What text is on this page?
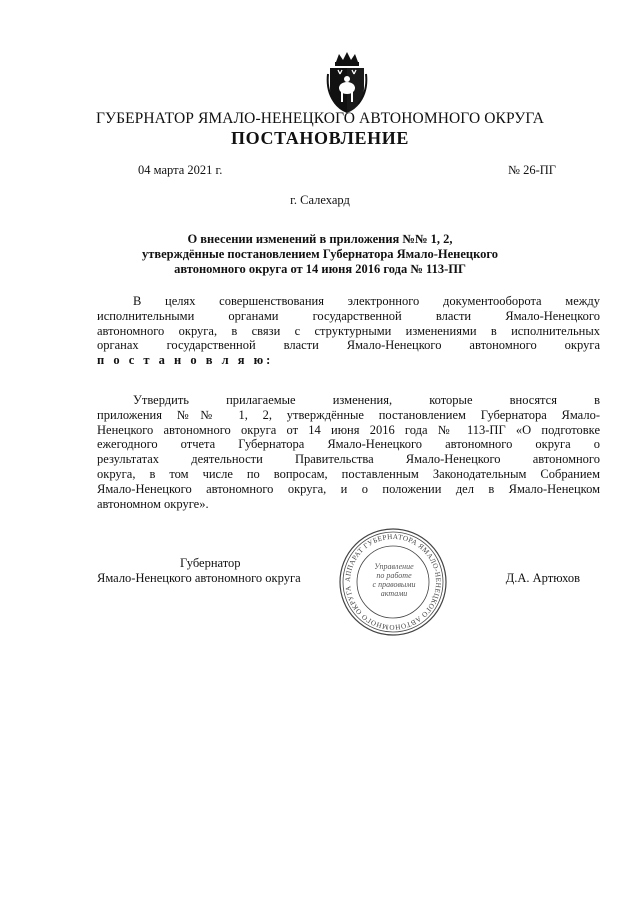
ГУБЕРНАТОР ЯМАЛО-НЕНЕЦКОГО АВТОНОМНОГО ОКРУГА
ПОСТАНОВЛЕНИЕ
04 марта 2021 г.	№ 26-ПГ
г. Салехард
О внесении изменений в приложения №№ 1, 2,
утверждённые постановлением Губернатора Ямало-Ненецкого
автономного округа от 14 июня 2016 года № 113-ПГ
В целях совершенствования электронного документооборота между
исполнительными органами государственной власти Ямало-Ненецкого
автономного округа, в связи с структурными изменениями в исполнительных
органах государственной власти Ямало-Ненецкого автономного округа
п о с т а н о в л я ю:
Утвердить прилагаемые изменения, которые вносятся в
приложения №№ 1, 2, утверждённые постановлением Губернатора Ямало-
Ненецкого автономного округа от 14 июня 2016 года № 113-ПГ «О подготовке
ежегодного отчета Губернатора Ямало-Ненецкого автономного округа о
результатах деятельности Правительства Ямало-Ненецкого автономного
округа, в том числе по вопросам, поставленным Законодательным Собранием
Ямало-Ненецкого автономного округа, и о положении дел в Ямало-Ненецком
автономном округе».
Губернатор
Ямало-Ненецкого автономного округа	Д.А. Артюхов
АППАРАТ ГУБЕРНАТОРА ЯМАЛО-НЕНЕЦКОГО АВТОНОМНОГО ОКРУГА
Управление
по работе
с правовыми
актами
